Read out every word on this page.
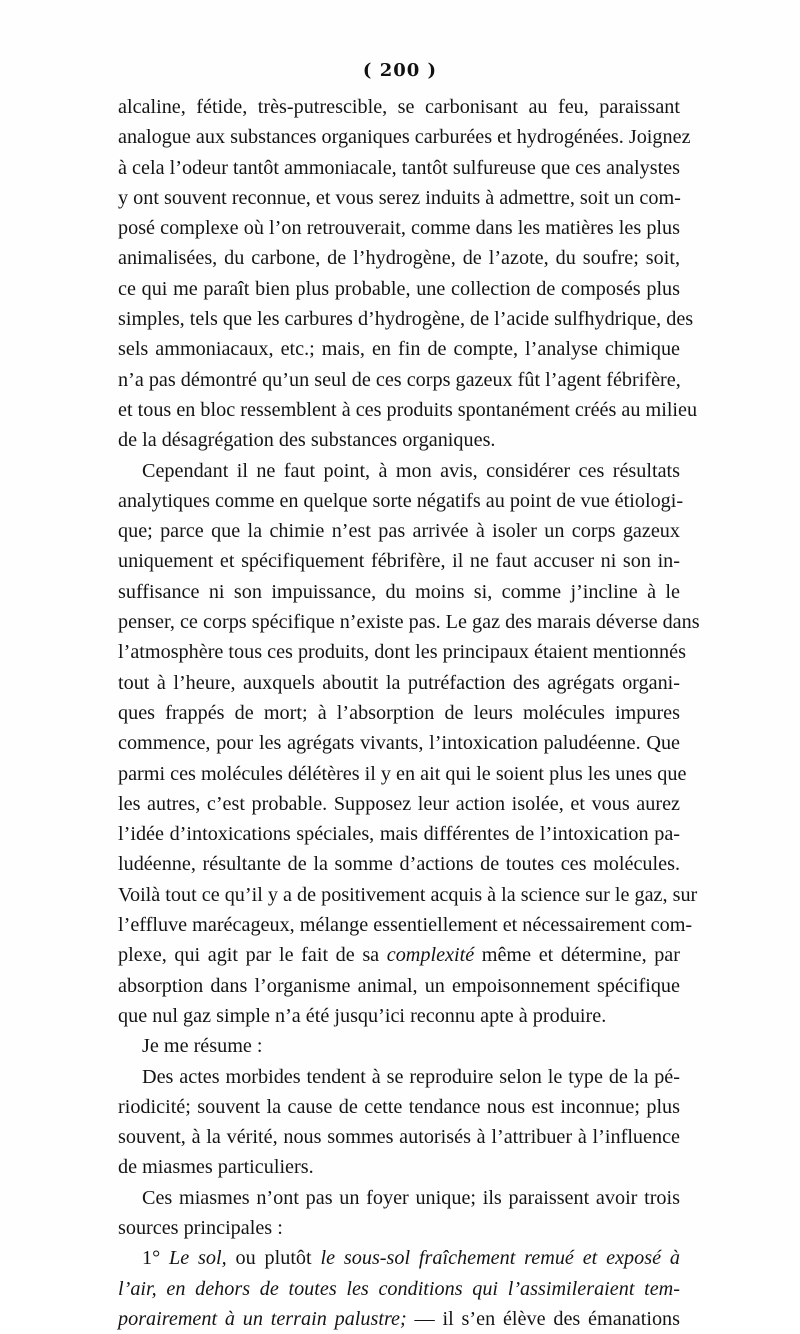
( 200 )
alcaline, fétide, très-putrescible, se carbonisant au feu, paraissant
analogue aux substances organiques carburées et hydrogénées. Joignez
à cela l’odeur tantôt ammoniacale, tantôt sulfureuse que ces analystes
y ont souvent reconnue, et vous serez induits à admettre, soit un com-
posé complexe où l’on retrouverait, comme dans les matières les plus
animalisées, du carbone, de l’hydrogène, de l’azote, du soufre; soit,
ce qui me paraît bien plus probable, une collection de composés plus
simples, tels que les carbures d’hydrogène, de l’acide sulfhydrique, des
sels ammoniacaux, etc.; mais, en fin de compte, l’analyse chimique
n’a pas démontré qu’un seul de ces corps gazeux fût l’agent fébrifère,
et tous en bloc ressemblent à ces produits spontanément créés au milieu
de la désagrégation des substances organiques.
Cependant il ne faut point, à mon avis, considérer ces résultats
analytiques comme en quelque sorte négatifs au point de vue étiologi-
que; parce que la chimie n’est pas arrivée à isoler un corps gazeux
uniquement et spécifiquement fébrifère, il ne faut accuser ni son in-
suffisance ni son impuissance, du moins si, comme j’incline à le
penser, ce corps spécifique n’existe pas. Le gaz des marais déverse dans
l’atmosphère tous ces produits, dont les principaux étaient mentionnés
tout à l’heure, auxquels aboutit la putréfaction des agrégats organi-
ques frappés de mort; à l’absorption de leurs molécules impures
commence, pour les agrégats vivants, l’intoxication paludéenne. Que
parmi ces molécules délétères il y en ait qui le soient plus les unes que
les autres, c’est probable. Supposez leur action isolée, et vous aurez
l’idée d’intoxications spéciales, mais différentes de l’intoxication pa-
ludéenne, résultante de la somme d’actions de toutes ces molécules.
Voilà tout ce qu’il y a de positivement acquis à la science sur le gaz, sur
l’effluve marécageux, mélange essentiellement et nécessairement com-
plexe, qui agit par le fait de sa complexité même et détermine, par
absorption dans l’organisme animal, un empoisonnement spécifique
que nul gaz simple n’a été jusqu’ici reconnu apte à produire.
Je me résume :
Des actes morbides tendent à se reproduire selon le type de la pé-
riodicité; souvent la cause de cette tendance nous est inconnue; plus
souvent, à la vérité, nous sommes autorisés à l’attribuer à l’influence
de miasmes particuliers.
Ces miasmes n’ont pas un foyer unique; ils paraissent avoir trois
sources principales :
1° Le sol, ou plutôt le sous-sol fraîchement remué et exposé à
l’air, en dehors de toutes les conditions qui l’assimileraient tem-
porairement à un terrain palustre; — il s’en élève des émanations
